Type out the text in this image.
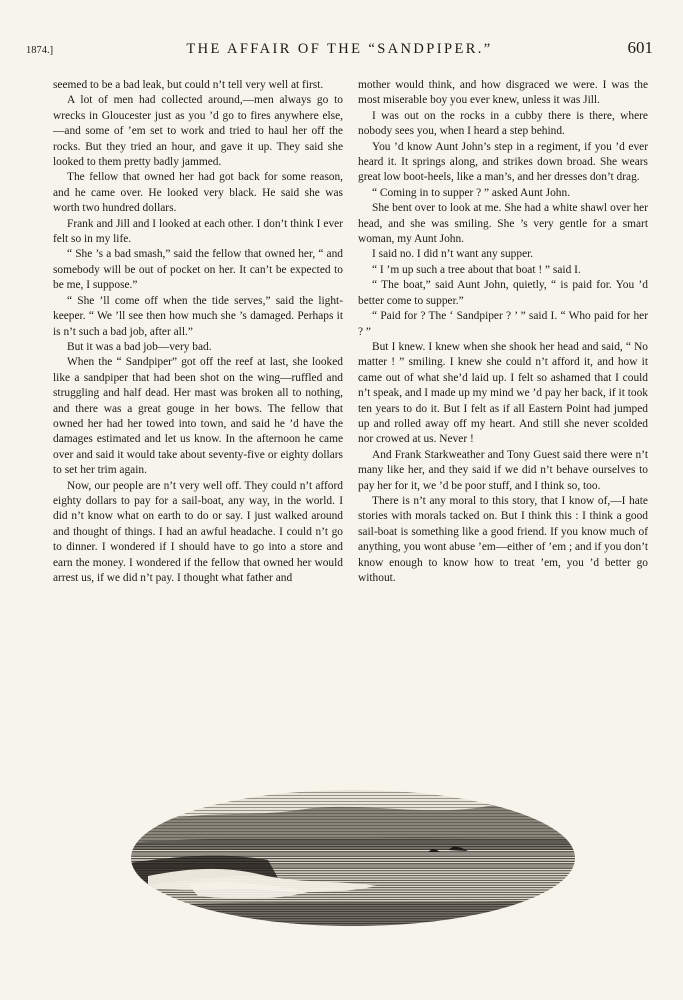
1874.]	THE AFFAIR OF THE “SANDPIPER.”	601

seemed to be a bad leak, but could n’t tell very well at first.

A lot of men had collected around,—men always go to wrecks in Gloucester just as you ’d go to fires anywhere else,—and some of ’em set to work and tried to haul her off the rocks. But they tried an hour, and gave it up. They said she looked to them pretty badly jammed.

The fellow that owned her had got back for some reason, and he came over. He looked very black. He said she was worth two hundred dollars.

Frank and Jill and I looked at each other. I don’t think I ever felt so in my life.

“ She ’s a bad smash,” said the fellow that owned her, “ and somebody will be out of pocket on her. It can’t be expected to be me, I suppose.”

“ She ’ll come off when the tide serves,” said the light-keeper. “ We ’ll see then how much she ’s damaged. Perhaps it is n’t such a bad job, after all.”

But it was a bad job—very bad.

When the “ Sandpiper” got off the reef at last, she looked like a sandpiper that had been shot on the wing—ruffled and struggling and half dead. Her mast was broken all to nothing, and there was a great gouge in her bows. The fellow that owned her had her towed into town, and said he ’d have the damages estimated and let us know. In the afternoon he came over and said it would take about seventy-five or eighty dollars to set her trim again.

Now, our people are n’t very well off. They could n’t afford eighty dollars to pay for a sail-boat, any way, in the world. I did n’t know what on earth to do or say. I just walked around and thought of things. I had an awful headache. I could n’t go to dinner. I wondered if I should have to go into a store and earn the money. I wondered if the fellow that owned her would arrest us, if we did n’t pay. I thought what father and

mother would think, and how disgraced we were. I was the most miserable boy you ever knew, unless it was Jill.

I was out on the rocks in a cubby there is there, where nobody sees you, when I heard a step behind.

You ’d know Aunt John’s step in a regiment, if you ’d ever heard it. It springs along, and strikes down broad. She wears great low boot-heels, like a man’s, and her dresses don’t drag.

“ Coming in to supper ? ” asked Aunt John.

She bent over to look at me. She had a white shawl over her head, and she was smiling. She ’s very gentle for a smart woman, my Aunt John.

I said no. I did n’t want any supper.

“ I ’m up such a tree about that boat ! ” said I.

“ The boat,” said Aunt John, quietly, “ is paid for. You ’d better come to supper.”

“ Paid for ? The ‘ Sandpiper ? ’ ” said I. “ Who paid for her ? ”

But I knew. I knew when she shook her head and said, “ No matter ! ” smiling. I knew she could n’t afford it, and how it came out of what she’d laid up. I felt so ashamed that I could n’t speak, and I made up my mind we ’d pay her back, if it took ten years to do it. But I felt as if all Eastern Point had jumped up and rolled away off my heart. And still she never scolded nor crowed at us. Never !

And Frank Starkweather and Tony Guest said there were n’t many like her, and they said if we did n’t behave ourselves to pay her for it, we ’d be poor stuff, and I think so, too.

There is n’t any moral to this story, that I know of,—I hate stories with morals tacked on. But I think this : I think a good sail-boat is something like a good friend. If you know much of anything, you wont abuse ’em—either of ’em ; and if you don’t know enough to know how to treat ’em, you ’d better go without.
